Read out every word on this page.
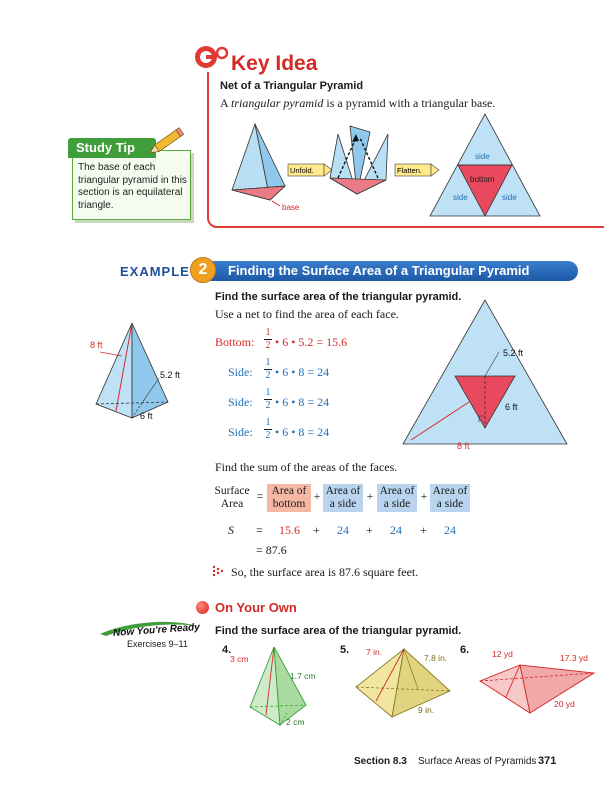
Key Idea
Net of a Triangular Pyramid
A triangular pyramid is a pyramid with a triangular base.
base
Unfold.	Flatten.
side
bottom
side	side
Study Tip
The base of each triangular pyramid in this section is an equilateral triangle.
EXAMPLE 2	Finding the Surface Area of a Triangular Pyramid
Find the surface area of the triangular pyramid.
Use a net to find the area of each face.
8 ft
5.2 ft
6 ft
Bottom: $\frac{1}{2}$ • 6 • 5.2 = 15.6
Side: $\frac{1}{2}$ • 6 • 8 = 24
Side: $\frac{1}{2}$ • 6 • 8 = 24
Side: $\frac{1}{2}$ • 6 • 8 = 24
5.2 ft
6 ft
8 ft
Find the sum of the areas of the faces.
Surface
Area
= Area of
bottom
+ Area of
a side
+ Area of
a side
+ Area of
a side
S = 15.6 + 24 + 24 + 24
= 87.6
So, the surface area is 87.6 square feet.
On Your Own
Now You're Ready
Exercises 9–11
Find the surface area of the triangular pyramid.
4.	5.	6.
3 cm
1.7 cm
2 cm
7 in.
7.8 in.
9 in.
12 yd	17.3 yd
20 yd
Section 8.3 Surface Areas of Pyramids 371
